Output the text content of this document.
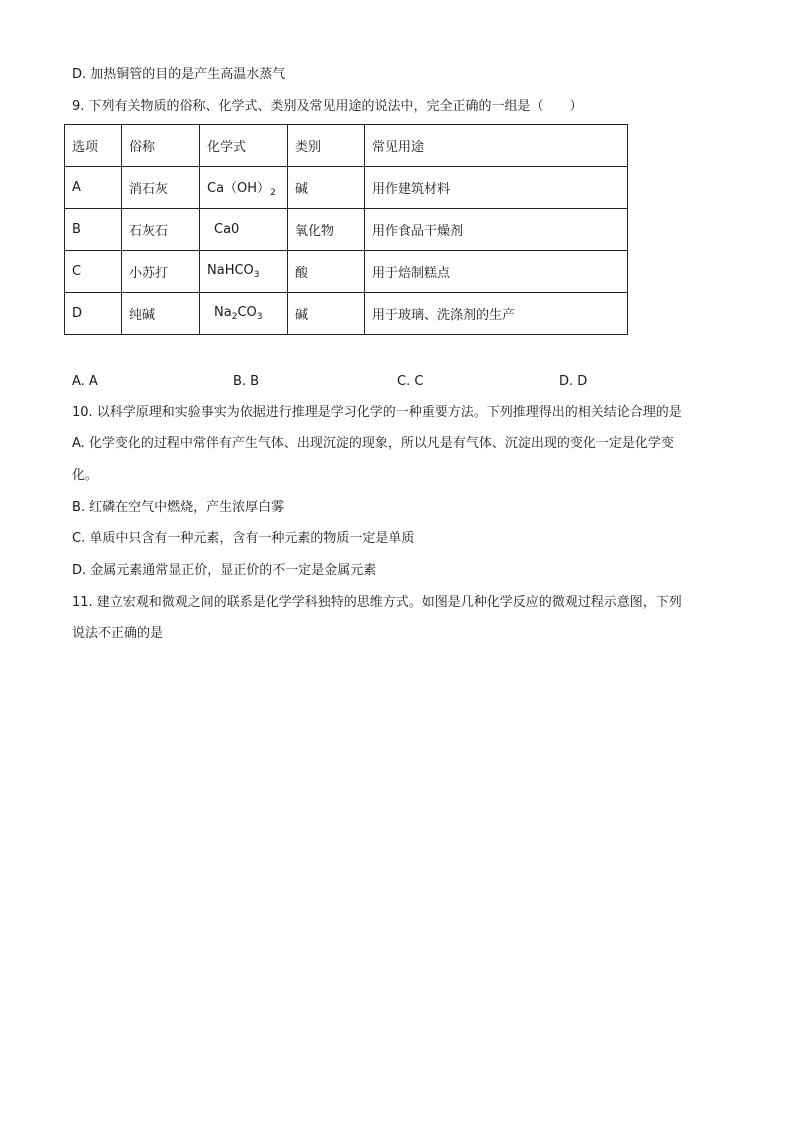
D. 加热铜管的目的是产生高温水蒸气
9. 下列有关物质的俗称、化学式、类别及常见用途的说法中，完全正确的一组是（　　）
选项	俗称	化学式	类别	常见用途
A	消石灰	$Ca(OH)_2$	碱	用作建筑材料
B	石灰石	Ca0	氧化物	用作食品干燥剂
C	小苏打	NaHCO$_3$	酸	用于焙制糕点
D	纯碱	$Na_2CO_3$	碱	用于玻璃、洗涤剂的生产
A. A	B. B	C. C	D. D
10. 以科学原理和实验事实为依据进行推理是学习化学的一种重要方法。下列推理得出的相关结论合理的是
A. 化学变化的过程中常伴有产生气体、出现沉淀的现象，所以凡是有气体、沉淀出现的变化一定是化学变
化。
B. 红磷在空气中燃烧，产生浓厚白雾
C. 单质中只含有一种元素，含有一种元素的物质一定是单质
D. 金属元素通常显正价，显正价的不一定是金属元素
11. 建立宏观和微观之间的联系是化学学科独特的思维方式。如图是几种化学反应的微观过程示意图，下列
说法不正确的是
